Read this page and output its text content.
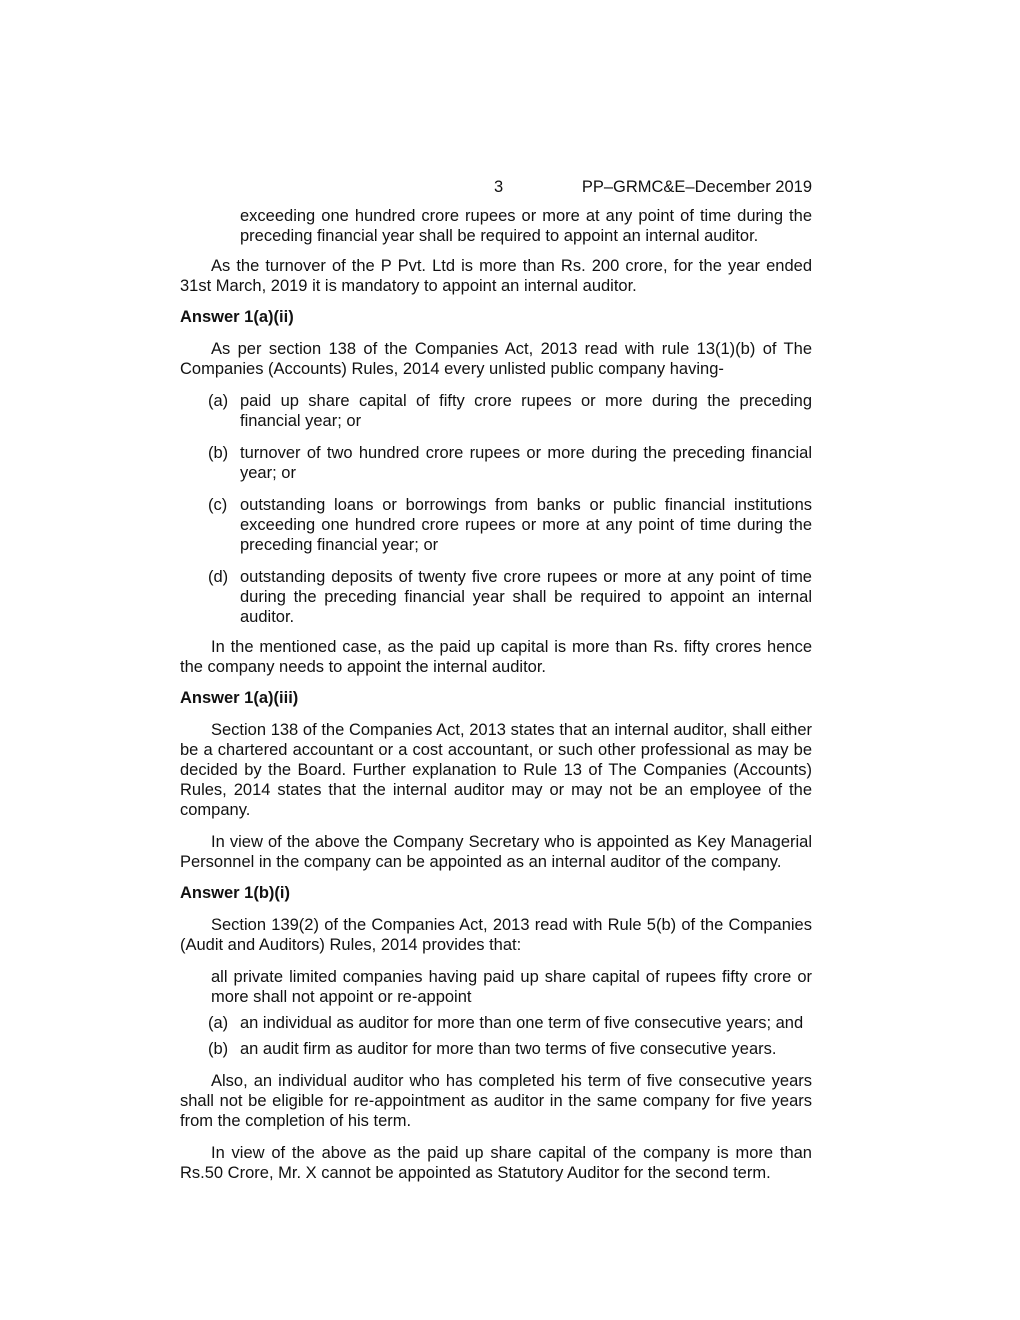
3	PP–GRMC&E–December 2019

exceeding one hundred crore rupees or more at any point of time during the preceding financial year shall be required to appoint an internal auditor.

As the turnover of the P Pvt. Ltd is more than Rs. 200 crore, for the year ended 31st March, 2019 it is mandatory to appoint an internal auditor.

Answer 1(a)(ii)

As per section 138 of the Companies Act, 2013 read with rule 13(1)(b) of The Companies (Accounts) Rules, 2014 every unlisted public company having-

(a) paid up share capital of fifty crore rupees or more during the preceding financial year; or
(b) turnover of two hundred crore rupees or more during the preceding financial year; or
(c) outstanding loans or borrowings from banks or public financial institutions exceeding one hundred crore rupees or more at any point of time during the preceding financial year; or
(d) outstanding deposits of twenty five crore rupees or more at any point of time during the preceding financial year shall be required to appoint an internal auditor.

In the mentioned case, as the paid up capital is more than Rs. fifty crores hence the company needs to appoint the internal auditor.

Answer 1(a)(iii)

Section 138 of the Companies Act, 2013 states that an internal auditor, shall either be a chartered accountant or a cost accountant, or such other professional as may be decided by the Board. Further explanation to Rule 13 of The Companies (Accounts) Rules, 2014 states that the internal auditor may or may not be an employee of the company.

In view of the above the Company Secretary who is appointed as Key Managerial Personnel in the company can be appointed as an internal auditor of the company.

Answer 1(b)(i)

Section 139(2) of the Companies Act, 2013 read with Rule 5(b) of the Companies (Audit and Auditors) Rules, 2014 provides that:

all private limited companies having paid up share capital of rupees fifty crore or more shall not appoint or re-appoint

(a) an individual as auditor for more than one term of five consecutive years; and
(b) an audit firm as auditor for more than two terms of five consecutive years.

Also, an individual auditor who has completed his term of five consecutive years shall not be eligible for re-appointment as auditor in the same company for five years from the completion of his term.

In view of the above as the paid up share capital of the company is more than Rs.50 Crore, Mr. X cannot be appointed as Statutory Auditor for the second term.
